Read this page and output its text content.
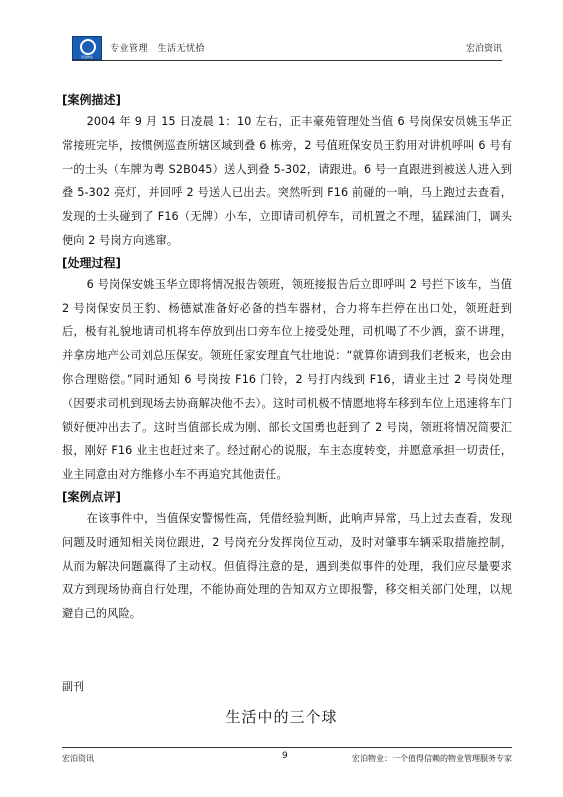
宏泊物业
专业管理　生活无忧拾	宏泊资讯

[案例描述]

2004 年 9 月 15 日凌晨 1：10 左右，正丰豪苑管理处当值 6 号岗保安员姚玉华正常接班完毕，按惯例巡查所辖区域到叠 6 栋旁，2 号值班保安员王豹用对讲机呼叫 6 号有一的士头（车牌为粤 S2B045）送人到叠 5-302，请跟进。6 号一直跟进到被送人进入到叠 5-302 亮灯，并回呼 2 号送人已出去。突然听到 F16 前碰的一响，马上跑过去查看，发现的士头碰到了 F16（无牌）小车，立即请司机停车，司机置之不理，猛踩油门，调头便向 2 号岗方向逃窜。

[处理过程]

6 号岗保安姚玉华立即将情况报告领班，领班接报告后立即呼叫 2 号拦下该车，当值 2 号岗保安员王豹、杨德斌准备好必备的挡车器材，合力将车拦停在出口处，领班赶到后，极有礼貌地请司机将车停放到出口旁车位上接受处理，司机喝了不少酒，蛮不讲理，并拿房地产公司刘总压保安。领班任家安理直气壮地说：“就算你请到我们老板来，也会由你合理赔偿。”同时通知 6 号岗按 F16 门铃，2 号打内线到 F16，请业主过 2 号岗处理（因要求司机到现场去协商解决他不去）。这时司机极不情愿地将车移到车位上迅速将车门锁好便冲出去了。这时当值部长成为刚、部长文国勇也赶到了 2 号岗，领班将情况简要汇报，刚好 F16 业主也赶过来了。经过耐心的说服，车主态度转变，并愿意承担一切责任，业主同意由对方维修小车不再追究其他责任。

[案例点评]

在该事件中，当值保安警惕性高，凭借经验判断，此响声异常，马上过去查看，发现问题及时通知相关岗位跟进，2 号岗充分发挥岗位互动，及时对肇事车辆采取措施控制，从而为解决问题赢得了主动权。但值得注意的是，遇到类似事件的处理，我们应尽量要求双方到现场协商自行处理，不能协商处理的告知双方立即报警，移交相关部门处理，以规避自己的风险。

副刊
生活中的三个球
宏泊资讯	9	宏泊物业：一个值得信赖的物业管理服务专家
